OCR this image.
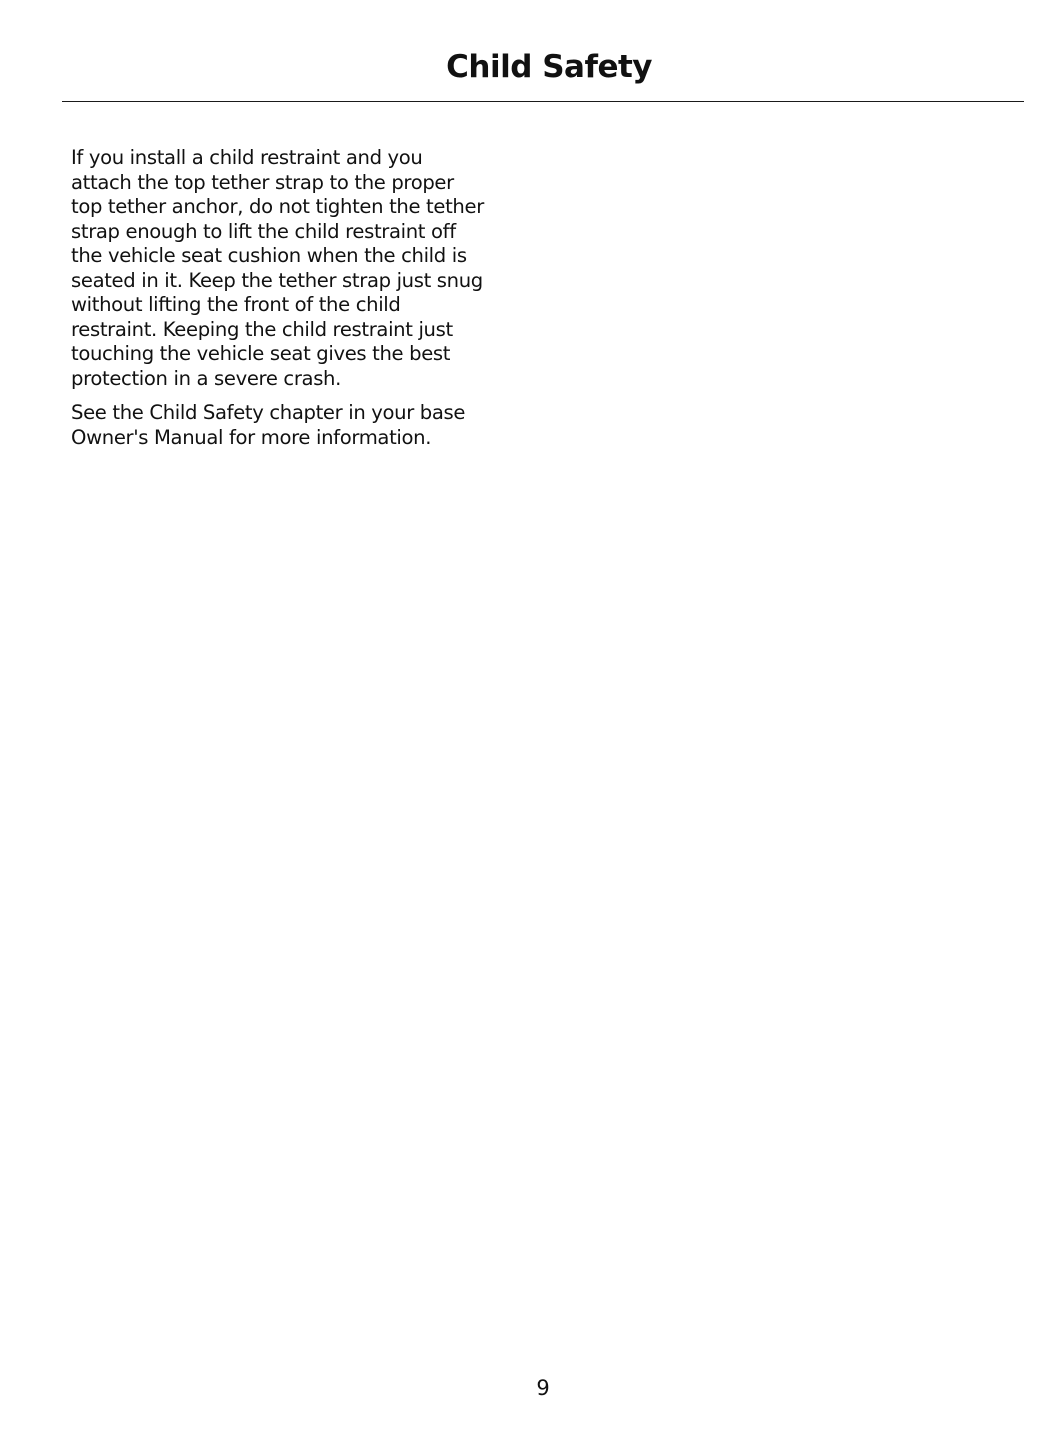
Child Safety

If you install a child restraint and you
attach the top tether strap to the proper
top tether anchor, do not tighten the tether
strap enough to lift the child restraint off
the vehicle seat cushion when the child is
seated in it. Keep the tether strap just snug
without lifting the front of the child
restraint. Keeping the child restraint just
touching the vehicle seat gives the best
protection in a severe crash.

See the Child Safety chapter in your base
Owner's Manual for more information.

9
